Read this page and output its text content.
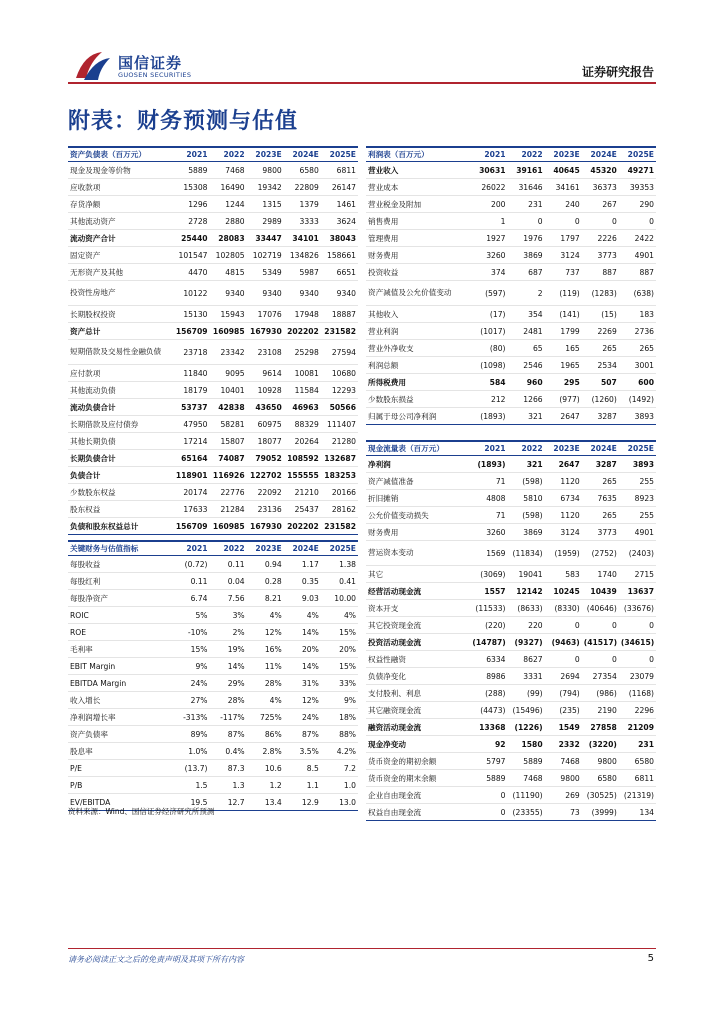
国信证券
GUOSEN SECURITIES	证券研究报告
附表：财务预测与估值
资产负债表（百万元）	2021	2022	2023E	2024E	2025E
现金及现金等价物	5889	7468	9800	6580	6811
应收款项	15308	16490	19342	22809	26147
存货净额	1296	1244	1315	1379	1461
其他流动资产	2728	2880	2989	3333	3624
流动资产合计	25440	28083	33447	34101	38043
固定资产	101547	102805	102719	134826	158661
无形资产及其他	4470	4815	5349	5987	6651
投资性房地产	10122	9340	9340	9340	9340
长期股权投资	15130	15943	17076	17948	18887
资产总计	156709	160985	167930	202202	231582
短期借款及交易性金融负债	23718	23342	23108	25298	27594
应付款项	11840	9095	9614	10081	10680
其他流动负债	18179	10401	10928	11584	12293
流动负债合计	53737	42838	43650	46963	50566
长期借款及应付债券	47950	58281	60975	88329	111407
其他长期负债	17214	15807	18077	20264	21280
长期负债合计	65164	74087	79052	108592	132687
负债合计	118901	116926	122702	155555	183253
少数股东权益	20174	22776	22092	21210	20166
股东权益	17633	21284	23136	25437	28162
负债和股东权益总计	156709	160985	167930	202202	231582
关键财务与估值指标	2021	2022	2023E	2024E	2025E
每股收益	(0.72)	0.11	0.94	1.17	1.38
每股红利	0.11	0.04	0.28	0.35	0.41
每股净资产	6.74	7.56	8.21	9.03	10.00
ROIC	5%	3%	4%	4%	4%
ROE	-10%	2%	12%	14%	15%
毛利率	15%	19%	16%	20%	20%
EBIT Margin	9%	14%	11%	14%	15%
EBITDA Margin	24%	29%	28%	31%	33%
收入增长	27%	28%	4%	12%	9%
净利润增长率	-313%	-117%	725%	24%	18%
资产负债率	89%	87%	86%	87%	88%
股息率	1.0%	0.4%	2.8%	3.5%	4.2%
P/E	(13.7)	87.3	10.6	8.5	7.2
P/B	1.5	1.3	1.2	1.1	1.0
EV/EBITDA	19.5	12.7	13.4	12.9	13.0
利润表（百万元）	2021	2022	2023E	2024E	2025E
营业收入	30631	39161	40645	45320	49271
营业成本	26022	31646	34161	36373	39353
营业税金及附加	200	231	240	267	290
销售费用	1	0	0	0	0
管理费用	1927	1976	1797	2226	2422
财务费用	3260	3869	3124	3773	4901
投资收益	374	687	737	887	887
资产减值及公允价值变动	(597)	2	(119)	(1283)	(638)
其他收入	(17)	354	(141)	(15)	183
营业利润	(1017)	2481	1799	2269	2736
营业外净收支	(80)	65	165	265	265
利润总额	(1098)	2546	1965	2534	3001
所得税费用	584	960	295	507	600
少数股东损益	212	1266	(977)	(1260)	(1492)
归属于母公司净利润	(1893)	321	2647	3287	3893
现金流量表（百万元）	2021	2022	2023E	2024E	2025E
净利润	(1893)	321	2647	3287	3893
资产减值准备	71	(598)	1120	265	255
折旧摊销	4808	5810	6734	7635	8923
公允价值变动损失	71	(598)	1120	265	255
财务费用	3260	3869	3124	3773	4901
营运资本变动	1569	(11834)	(1959)	(2752)	(2403)
其它	(3069)	19041	583	1740	2715
经营活动现金流	1557	12142	10245	10439	13637
资本开支	(11533)	(8633)	(8330)	(40646)	(33676)
其它投资现金流	(220)	220	0	0	0
投资活动现金流	(14787)	(9327)	(9463)	(41517)	(34615)
权益性融资	6334	8627	0	0	0
负债净变化	8986	3331	2694	27354	23079
支付股利、利息	(288)	(99)	(794)	(986)	(1168)
其它融资现金流	(4473)	(15496)	(235)	2190	2296
融资活动现金流	13368	(1226)	1549	27858	21209
现金净变动	92	1580	2332	(3220)	231
货币资金的期初余额	5797	5889	7468	9800	6580
货币资金的期末余额	5889	7468	9800	6580	6811
企业自由现金流	0	(11190)	269	(30525)	(21319)
权益自由现金流	0	(23355)	73	(3999)	134
资料来源：Wind、国信证券经济研究所预测
请务必阅读正文之后的免责声明及其项下所有内容	5
